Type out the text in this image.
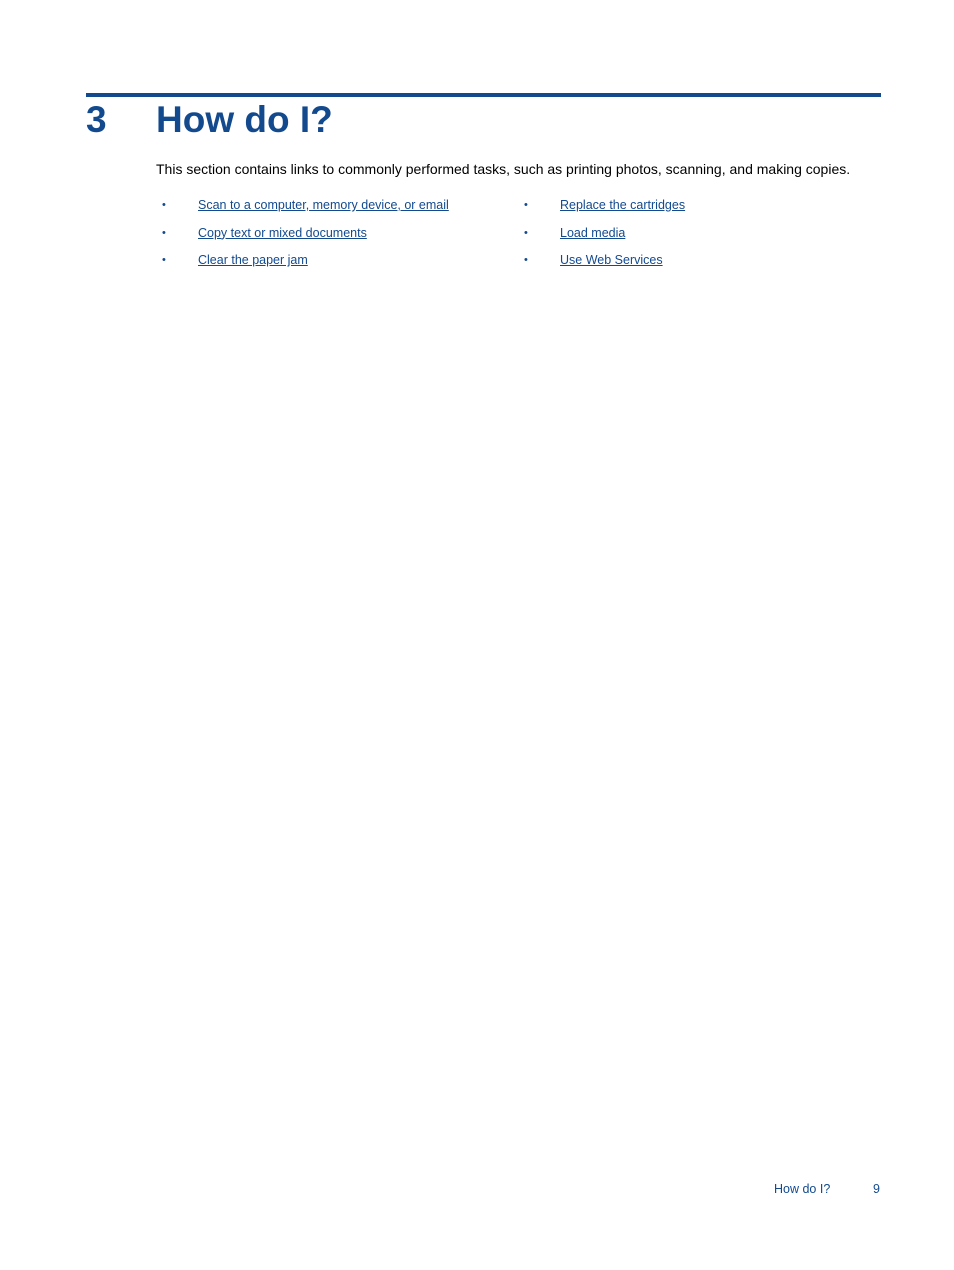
3 How do I?

This section contains links to commonly performed tasks, such as printing photos, scanning, and making copies.

•	Scan to a computer, memory device, or email
•	Copy text or mixed documents
•	Clear the paper jam
•	Replace the cartridges
•	Load media
•	Use Web Services
How do I?	9
